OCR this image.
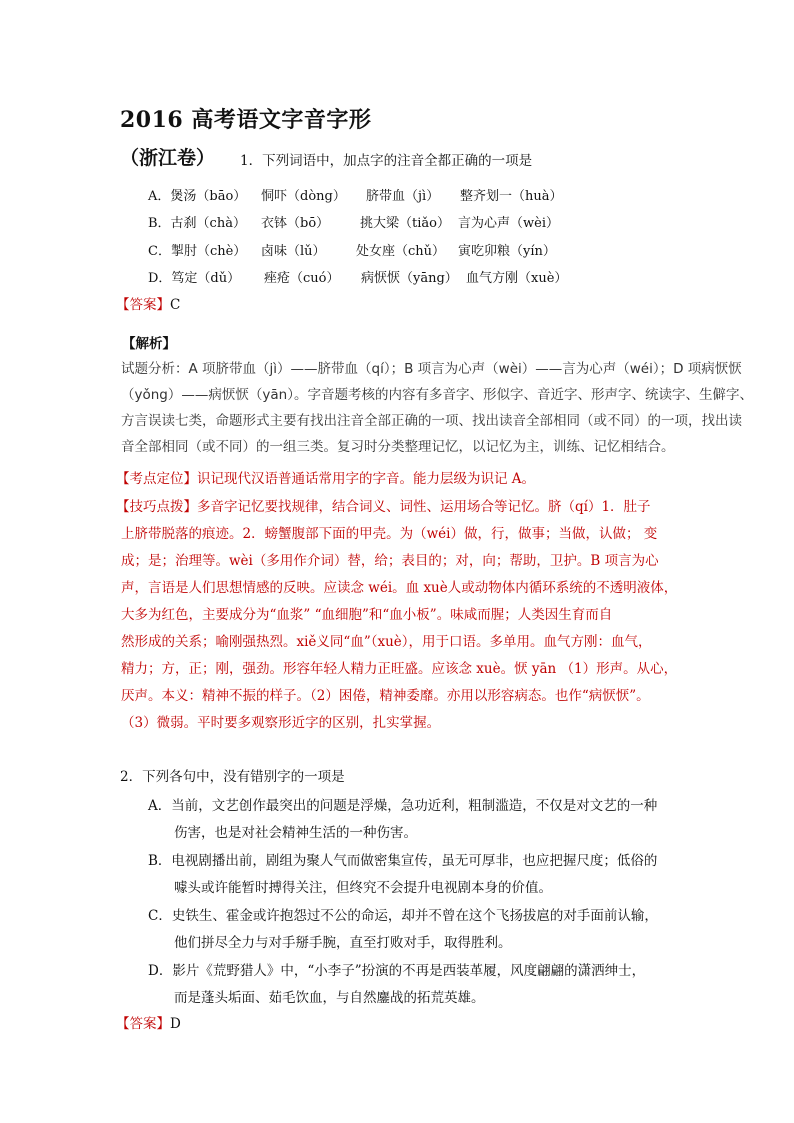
2016 高考语文字音字形
（浙江卷） 1．下列词语中，加点字的注音全都正确的一项是
A．煲汤（bāo） 恫吓（dòng） 脐带血（jì） 整齐划一（huà）
B．古刹（chà） 衣钵（bō） 挑大梁（tiǎo） 言为心声（wèi）
C．掣肘（chè） 卤味（lǔ） 处女座（chǔ） 寅吃卯粮（yín）
D．笃定（dǔ） 痤疮（cuó） 病恹恹（yāng） 血气方刚（xuè）
【答案】C
【解析】
试题分析：A 项脐带血（jì）——脐带血（qí）；B 项言为心声（wèi）——言为心声（wéi）；D 项病恹恹
（yǒng）——病恹恹（yān）。字音题考核的内容有多音字、形似字、音近字、形声字、统读字、生僻字、
方言误读七类，命题形式主要有找出注音全部正确的一项、找出读音全部相同（或不同）的一项，找出读
音全部相同（或不同）的一组三类。复习时分类整理记忆，以记忆为主，训练、记忆相结合。
【考点定位】识记现代汉语普通话常用字的字音。能力层级为识记 A。
【技巧点拨】多音字记忆要找规律，结合词义、词性、运用场合等记忆。脐（qí）1．肚子
上脐带脱落的痕迹。2．螃蟹腹部下面的甲壳。为（wéi）做，行，做事；当做，认做； 变
成；是；治理等。wèi（多用作介词）替，给；表目的；对，向；帮助，卫护。B 项言为心
声，言语是人们思想情感的反映。应读念 wéi。血 xuè人或动物体内循环系统的不透明液体，
大多为红色，主要成分为“血浆” “血细胞”和“血小板”。味咸而腥；人类因生育而自
然形成的关系；喻刚强热烈。xiě义同“血”（xuè），用于口语。多单用。血气方刚：血气，
精力；方，正；刚，强劲。形容年轻人精力正旺盛。应该念 xuè。恹 yān （1）形声。从心，
厌声。本义：精神不振的样子。（2）困倦，精神委靡。亦用以形容病态。也作“病恹恹”。
（3）微弱。平时要多观察形近字的区别，扎实掌握。
2．下列各句中，没有错别字的一项是
A．当前，文艺创作最突出的问题是浮燥，急功近利，粗制滥造，不仅是对文艺的一种
伤害，也是对社会精神生活的一种伤害。
B．电视剧播出前，剧组为聚人气而做密集宣传，虽无可厚非，也应把握尺度；低俗的
噱头或许能暂时搏得关注，但终究不会提升电视剧本身的价值。
C．史铁生、霍金或许抱怨过不公的命运，却并不曾在这个飞扬拔扈的对手面前认输，
他们拼尽全力与对手掰手腕，直至打败对手，取得胜利。
D．影片《荒野猎人》中，“小李子”扮演的不再是西装革履，风度翩翩的潇洒绅士，
而是蓬头垢面、茹毛饮血，与自然鏖战的拓荒英雄。
【答案】D
